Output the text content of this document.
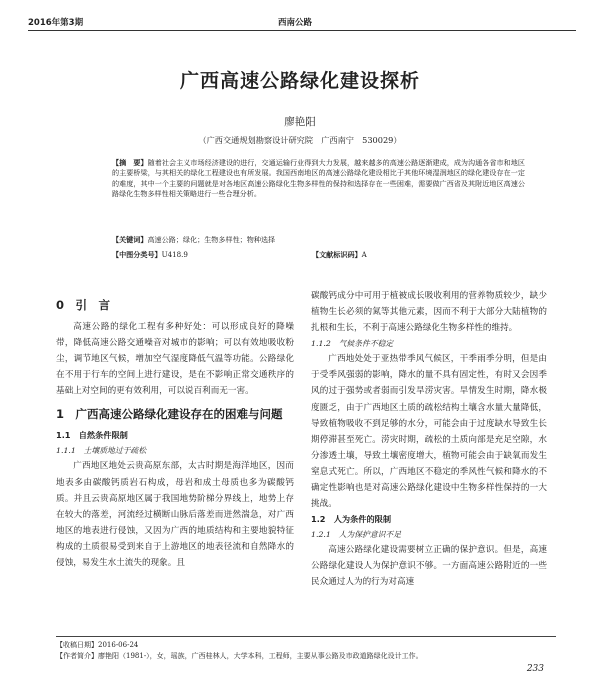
2016年第3期	西南公路
广西高速公路绿化建设探析
廖艳阳
（广西交通规划勘察设计研究院　广西南宁　530029）
【摘　要】随着社会主义市场经济建设的进行，交通运输行业得到大力发展，越来越多的高速公路逐渐建成，成为沟通各省市和地区的主要桥梁，与其相关的绿化工程建设也有所发展。我国西南地区的高速公路绿化建设相比于其他环境湿润地区的绿化建设存在一定的难度，其中一个主要的问题就是对各地区高速公路绿化生物多样性的保持和选择存在一些困难，需要做广西省及其附近地区高速公路绿化生物多样性相关策略进行一些合理分析。
【关键词】高速公路；绿化；生物多样性；物种选择
【中图分类号】U418.9	【文献标识码】A
0　引　言

高速公路的绿化工程有多种好处：可以形成良好的降噪带，降低高速公路交通噪音对城市的影响；可以有效地吸收粉尘，调节地区气候，增加空气湿度降低气温等功能。公路绿化在不用于行车的空间上进行建设，是在不影响正常交通秩序的基础上对空间的更有效利用，可以说百利而无一害。

1　广西高速公路绿化建设存在的困难与问题
1.1　自然条件限制
1.1.1　土壤质地过于疏松

广西地区地处云贵高原东部，太古时期是海洋地区，因而地表多由碳酸钙质岩石构成，母岩和成土母质也多为碳酸钙质。并且云贵高原地区属于我国地势阶梯分界线上，地势上存在较大的落差，河流经过横断山脉后落差而迸然湍急，对广西地区的地表进行侵蚀，又因为广西的地质结构和主要地貌特征构成的土质很易受到来自于上游地区的地表径流和自然降水的侵蚀，易发生水土流失的现象。且

碳酸钙成分中可用于植被成长吸收利用的营养物质较少，缺少植物生长必须的氮等其他元素，因而不利于大部分大陆植物的扎根和生长，不利于高速公路绿化生物多样性的维持。

1.1.2　气候条件不稳定

广西地处处于亚热带季风气候区，干季雨季分明，但是由于受季风强弱的影响，降水的量不具有固定性，有时又会因季风的过于强势或者弱而引发旱涝灾害。旱情发生时期，降水极度匮乏，由于广西地区土质的疏松结构土壤含水量大量降低，导致植物吸收不到足够的水分，可能会由于过度缺水导致生长期停滞甚至死亡。涝灾时期，疏松的土质向部是充足空隙，水分渗透土壤，导致土壤密度增大，植物可能会由于缺氧而发生窒息式死亡。所以，广西地区不稳定的季风性气候和降水的不确定性影响也是对高速公路绿化建设中生物多样性保持的一大挑战。

1.2　人为条件的限制
1.2.1　人为保护意识不足

高速公路绿化建设需要树立正确的保护意识。但是，高速公路绿化建设人为保护意识不够。一方面高速公路附近的一些民众通过人为的行为对高速

【收稿日期】2016-06-24
【作者简介】廖艳阳（1981-），女，瑶族，广西桂林人，大学本科，工程师，主要从事公路及市政道路绿化设计工作。
233
